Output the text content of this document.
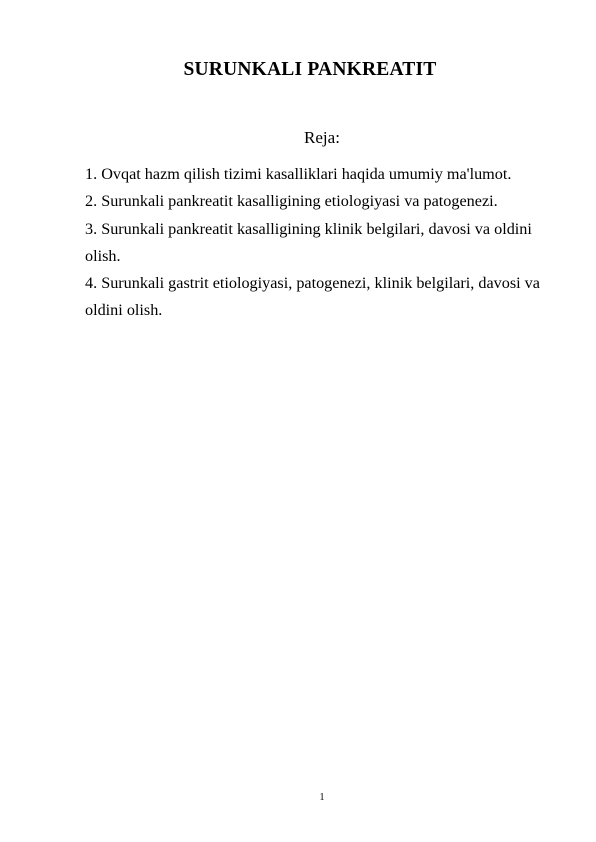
SURUNKALI PANKREATIT
Reja:
1. Ovqat hazm qilish tizimi kasalliklari haqida umumiy ma'lumot.
2. Surunkali pankreatit kasalligining etiologiyasi va patogenezi.
3. Surunkali pankreatit kasalligining klinik belgilari, davosi va oldini olish.
4. Surunkali gastrit etiologiyasi, patogenezi, klinik belgilari, davosi va oldini olish.
1
